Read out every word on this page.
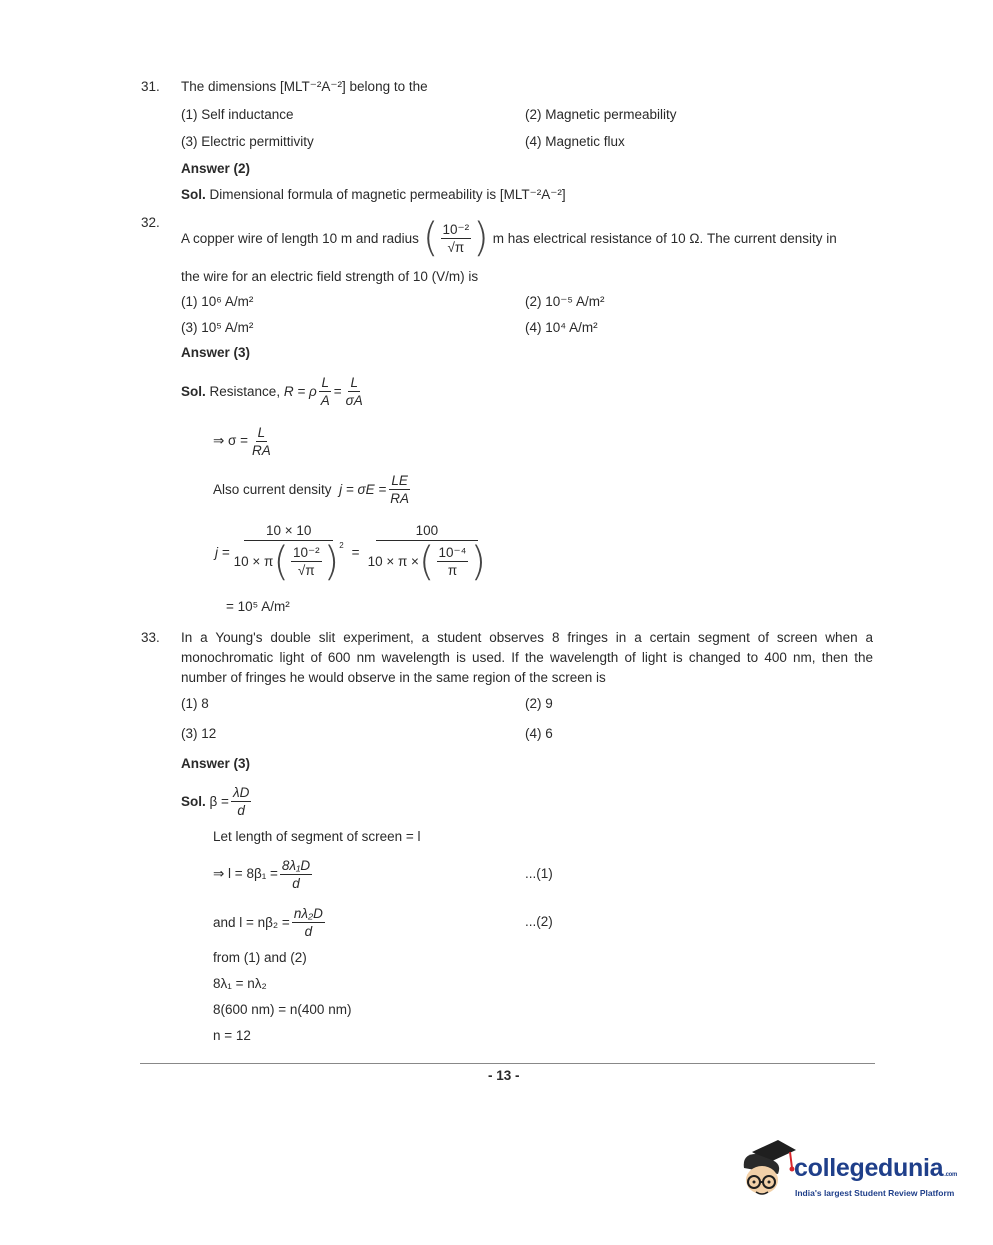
31. The dimensions [MLT⁻²A⁻²] belong to the
(1) Self inductance	(2) Magnetic permeability
(3) Electric permittivity	(4) Magnetic flux
Answer (2)
Sol. Dimensional formula of magnetic permeability is [MLT⁻²A⁻²]
32.
A copper wire of length 10 m and radius ( $\frac{\text{10⁻²}}{√\pi}$ ) m has electrical resistance of 10 Ω. The current density in
the wire for an electric field strength of 10 (V/m) is
(1) 10⁶ A/m²	(2) 10⁻⁵ A/m²
(3) 10⁵ A/m²	(4) 10⁴ A/m²
Answer (3)
Sol.
Resistance,
R = ρ $\frac{L}{A} = \frac{L}{\sigma A}$
⇒ $\sigma = \frac{L}{RA}$
Also current density
$j = \sigma E = \frac{LE}{RA}$
j =
10 × 10
10 × π ( $\frac{\text{10⁻²}}{√\pi}$ ) 2 =
100
10 × π × ( $\frac{\text{10⁻⁴}}{\pi}$ )
= 10⁵ A/m²
33. In a Young's double slit experiment, a student observes 8 fringes in a certain segment of screen when a monochromatic light of 600 nm wavelength is used. If the wavelength of light is changed to 400 nm, then the number of fringes he would observe in the same region of the screen is
(1) 8	(2) 9
(3) 12	(4) 6
Answer (3)
Sol.
$\beta = \frac{\lambda D}{d}$
Let length of segment of screen = l
⇒ $l = 8\beta_1 = \frac{\text{8λ₁D}}{d}$	...(1)
and $l = n\beta_2 = \frac{\text{nλ₂D}}{d}$	...(2)
from (1) and (2)
8λ₁ = nλ₂
8(600 nm) = n(400 nm)
n = 12
- 13 -
collegedunia.com
India's largest Student Review Platform
